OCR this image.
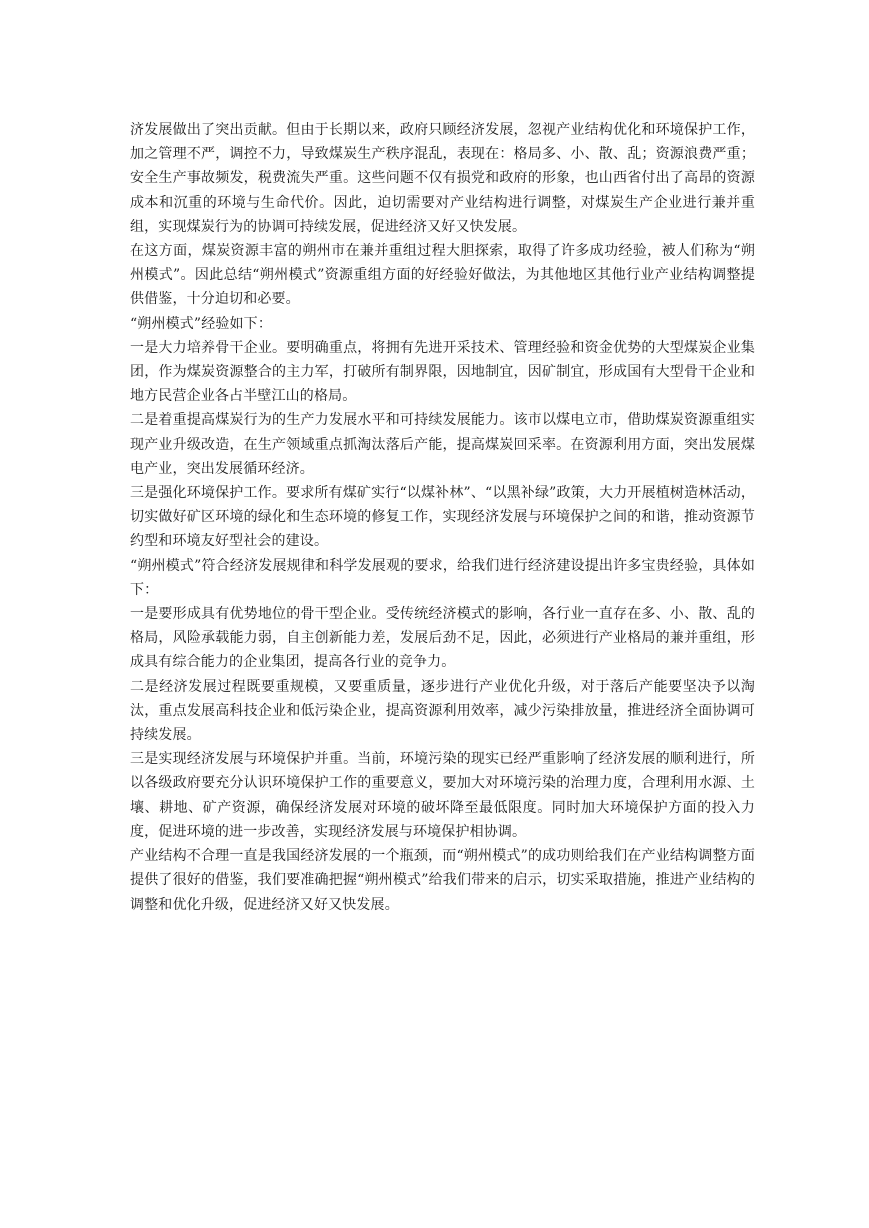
济发展做出了突出贡献。但由于长期以来，政府只顾经济发展，忽视产业结构优化和环境保护工作，加之管理不严，调控不力，导致煤炭生产秩序混乱，表现在：格局多、小、散、乱；资源浪费严重；安全生产事故频发，税费流失严重。这些问题不仅有损党和政府的形象，也山西省付出了高昂的资源成本和沉重的环境与生命代价。因此，迫切需要对产业结构进行调整，对煤炭生产企业进行兼并重组，实现煤炭行为的协调可持续发展，促进经济又好又快发展。

在这方面，煤炭资源丰富的朔州市在兼并重组过程大胆探索，取得了许多成功经验，被人们称为“朔州模式”。因此总结“朔州模式”资源重组方面的好经验好做法，为其他地区其他行业产业结构调整提供借鉴，十分迫切和必要。

“朔州模式”经验如下：

一是大力培养骨干企业。要明确重点，将拥有先进开采技术、管理经验和资金优势的大型煤炭企业集团，作为煤炭资源整合的主力军，打破所有制界限，因地制宜，因矿制宜，形成国有大型骨干企业和地方民营企业各占半壁江山的格局。

二是着重提高煤炭行为的生产力发展水平和可持续发展能力。该市以煤电立市，借助煤炭资源重组实现产业升级改造，在生产领域重点抓淘汰落后产能，提高煤炭回采率。在资源利用方面，突出发展煤电产业，突出发展循环经济。

三是强化环境保护工作。要求所有煤矿实行“以煤补林”、“以黑补绿”政策，大力开展植树造林活动，切实做好矿区环境的绿化和生态环境的修复工作，实现经济发展与环境保护之间的和谐，推动资源节约型和环境友好型社会的建设。

“朔州模式”符合经济发展规律和科学发展观的要求，给我们进行经济建设提出许多宝贵经验，具体如下：

一是要形成具有优势地位的骨干型企业。受传统经济模式的影响，各行业一直存在多、小、散、乱的格局，风险承载能力弱，自主创新能力差，发展后劲不足，因此，必须进行产业格局的兼并重组，形成具有综合能力的企业集团，提高各行业的竞争力。

二是经济发展过程既要重规模，又要重质量，逐步进行产业优化升级，对于落后产能要坚决予以淘汰，重点发展高科技企业和低污染企业，提高资源利用效率，减少污染排放量，推进经济全面协调可持续发展。

三是实现经济发展与环境保护并重。当前，环境污染的现实已经严重影响了经济发展的顺利进行，所以各级政府要充分认识环境保护工作的重要意义，要加大对环境污染的治理力度，合理利用水源、土壤、耕地、矿产资源，确保经济发展对环境的破坏降至最低限度。同时加大环境保护方面的投入力度，促进环境的进一步改善，实现经济发展与环境保护相协调。

产业结构不合理一直是我国经济发展的一个瓶颈，而“朔州模式”的成功则给我们在产业结构调整方面提供了很好的借鉴，我们要准确把握“朔州模式”给我们带来的启示，切实采取措施，推进产业结构的调整和优化升级，促进经济又好又快发展。
